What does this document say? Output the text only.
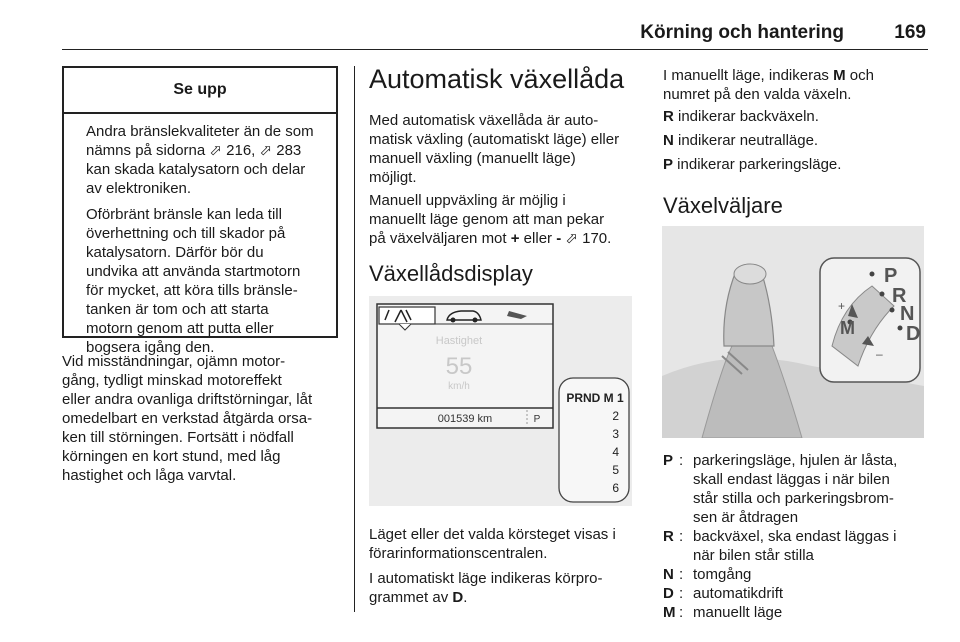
Körning och hantering	169
Se upp

Andra bränslekvaliteter än de som
nämns på sidorna ⬀ 216, ⬀ 283
kan skada katalysatorn och delar
av elektroniken.

Oförbränt bränsle kan leda till
överhettning och till skador på
katalysatorn. Därför bör du
undvika att använda startmotorn
för mycket, att köra tills bränsle-
tanken är tom och att starta
motorn genom att putta eller
bogsera igång den.

Vid misständningar, ojämn motor-
gång, tydligt minskad motoreffekt
eller andra ovanliga driftstörningar, låt
omedelbart en verkstad åtgärda orsa-
ken till störningen. Fortsätt i nödfall
körningen en kort stund, med låg
hastighet och låga varvtal.

Automatisk växellåda

Med automatisk växellåda är auto-
matisk växling (automatiskt läge) eller
manuell växling (manuellt läge)
möjligt.

Manuell uppväxling är möjlig i
manuellt läge genom att man pekar
på växelväljaren mot + eller - ⬀ 170.

Växellådsdisplay
Hastighet
55
km/h
001539 km	P
PRND M 1
2
3
4
5
6

Läget eller det valda körsteget visas i
förarinformationscentralen.

I automatiskt läge indikeras körpro-
grammet av D.

I manuellt läge, indikeras M och
numret på den valda växeln.

R indikerar backväxeln.

N indikerar neutralläge.

P indikerar parkeringsläge.

Växelväljare
P
R
N
D
M
+
–
P : parkeringsläge, hjulen är låsta,
skall endast läggas i när bilen
står stilla och parkeringsbrom-
sen är åtdragen
R : backväxel, ska endast läggas i
när bilen står stilla
N : tomgång
D : automatikdrift
M : manuellt läge
